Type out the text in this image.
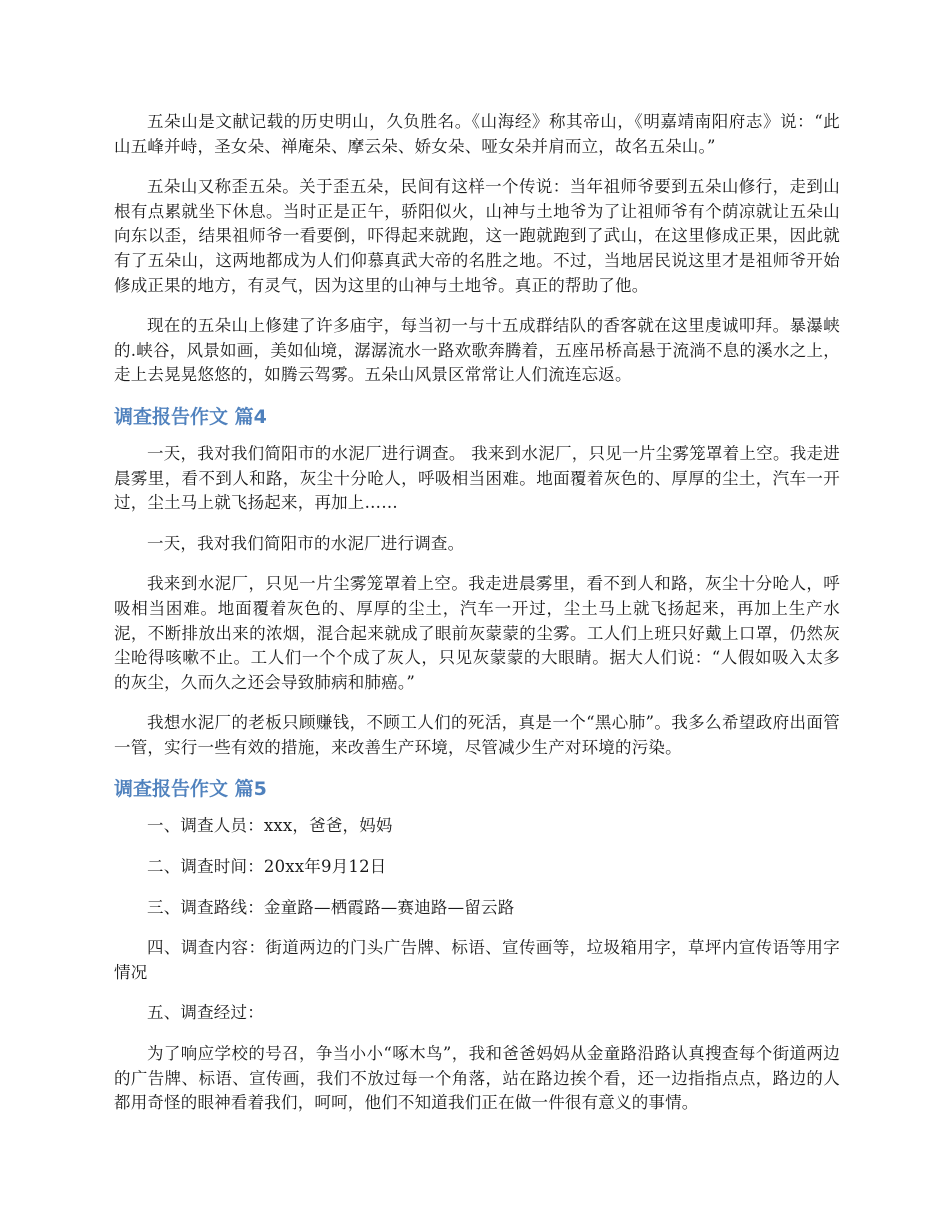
五朵山是文献记载的历史明山，久负胜名。《山海经》称其帝山，《明嘉靖南阳府志》说：“此山五峰并峙，圣女朵、禅庵朵、摩云朵、娇女朵、哑女朵并肩而立，故名五朵山。”

五朵山又称歪五朵。关于歪五朵，民间有这样一个传说：当年祖师爷要到五朵山修行，走到山根有点累就坐下休息。当时正是正午，骄阳似火，山神与土地爷为了让祖师爷有个荫凉就让五朵山向东以歪，结果祖师爷一看要倒，吓得起来就跑，这一跑就跑到了武山，在这里修成正果，因此就有了五朵山，这两地都成为人们仰慕真武大帝的名胜之地。不过，当地居民说这里才是祖师爷开始修成正果的地方，有灵气，因为这里的山神与土地爷。真正的帮助了他。

现在的五朵山上修建了许多庙宇，每当初一与十五成群结队的香客就在这里虔诚叩拜。暴瀑峡的.峡谷，风景如画，美如仙境，潺潺流水一路欢歌奔腾着，五座吊桥高悬于流淌不息的溪水之上，走上去晃晃悠悠的，如腾云驾雾。五朵山风景区常常让人们流连忘返。

调查报告作文 篇4

一天，我对我们简阳市的水泥厂进行调查。 我来到水泥厂，只见一片尘雾笼罩着上空。我走进晨雾里，看不到人和路，灰尘十分呛人，呼吸相当困难。地面覆着灰色的、厚厚的尘土，汽车一开过，尘土马上就飞扬起来，再加上……

一天，我对我们简阳市的水泥厂进行调查。

我来到水泥厂，只见一片尘雾笼罩着上空。我走进晨雾里，看不到人和路，灰尘十分呛人，呼吸相当困难。地面覆着灰色的、厚厚的尘土，汽车一开过，尘土马上就飞扬起来，再加上生产水泥，不断排放出来的浓烟，混合起来就成了眼前灰蒙蒙的尘雾。工人们上班只好戴上口罩，仍然灰尘呛得咳嗽不止。工人们一个个成了灰人，只见灰蒙蒙的大眼睛。据大人们说：“人假如吸入太多的灰尘，久而久之还会导致肺病和肺癌。”

我想水泥厂的老板只顾赚钱，不顾工人们的死活，真是一个“黑心肺”。我多么希望政府出面管一管，实行一些有效的措施，来改善生产环境，尽管减少生产对环境的污染。

调查报告作文 篇5

一、调查人员：xxx，爸爸，妈妈

二、调查时间：20xx年9月12日

三、调查路线：金童路—栖霞路—赛迪路—留云路

四、调查内容：街道两边的门头广告牌、标语、宣传画等，垃圾箱用字，草坪内宣传语等用字情况

五、调查经过：

为了响应学校的号召，争当小小“啄木鸟”，我和爸爸妈妈从金童路沿路认真搜查每个街道两边的广告牌、标语、宣传画，我们不放过每一个角落，站在路边挨个看，还一边指指点点，路边的人都用奇怪的眼神看着我们，呵呵，他们不知道我们正在做一件很有意义的事情。
